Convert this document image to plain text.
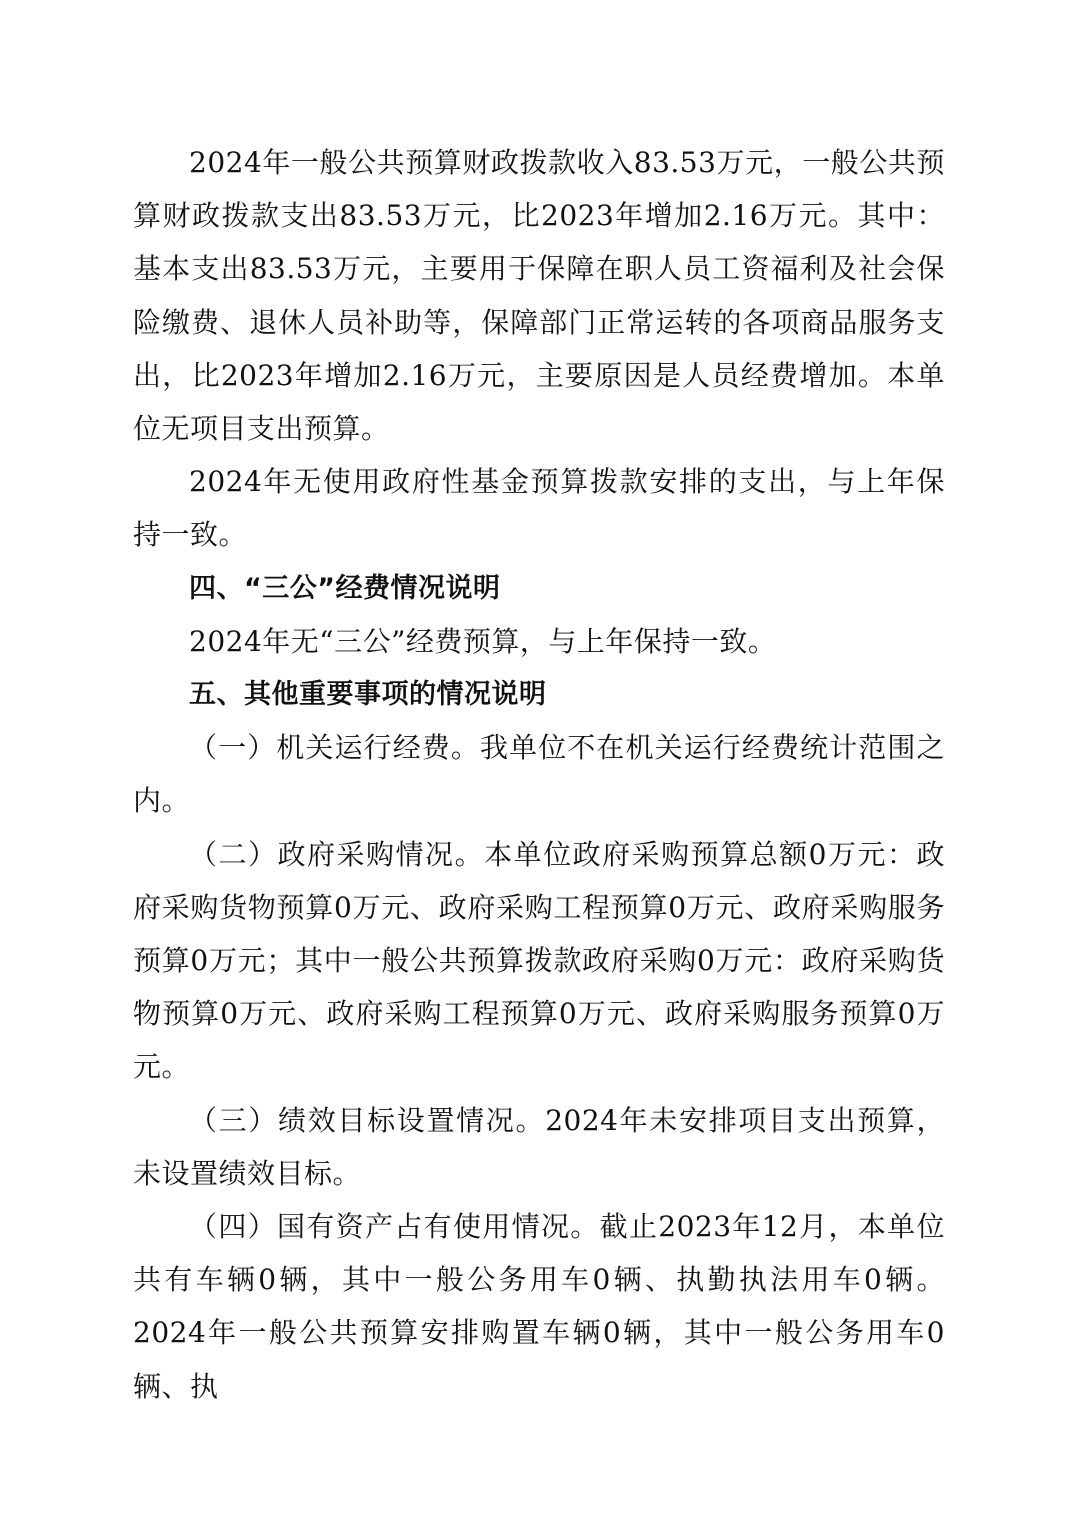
2024年一般公共预算财政拨款收入83.53万元，一般公共预算财政拨款支出83.53万元，比2023年增加2.16万元。其中：基本支出83.53万元，主要用于保障在职人员工资福利及社会保险缴费、退休人员补助等，保障部门正常运转的各项商品服务支出，比2023年增加2.16万元，主要原因是人员经费增加。本单位无项目支出预算。

2024年无使用政府性基金预算拨款安排的支出，与上年保持一致。

四、“三公”经费情况说明

2024年无“三公”经费预算，与上年保持一致。

五、其他重要事项的情况说明

（一）机关运行经费。我单位不在机关运行经费统计范围之内。

（二）政府采购情况。本单位政府采购预算总额0万元：政府采购货物预算0万元、政府采购工程预算0万元、政府采购服务预算0万元；其中一般公共预算拨款政府采购0万元：政府采购货物预算0万元、政府采购工程预算0万元、政府采购服务预算0万元。

（三）绩效目标设置情况。2024年未安排项目支出预算，未设置绩效目标。

（四）国有资产占有使用情况。截止2023年12月，本单位共有车辆0辆，其中一般公务用车0辆、执勤执法用车0辆。2024年一般公共预算安排购置车辆0辆，其中一般公务用车0辆、执
